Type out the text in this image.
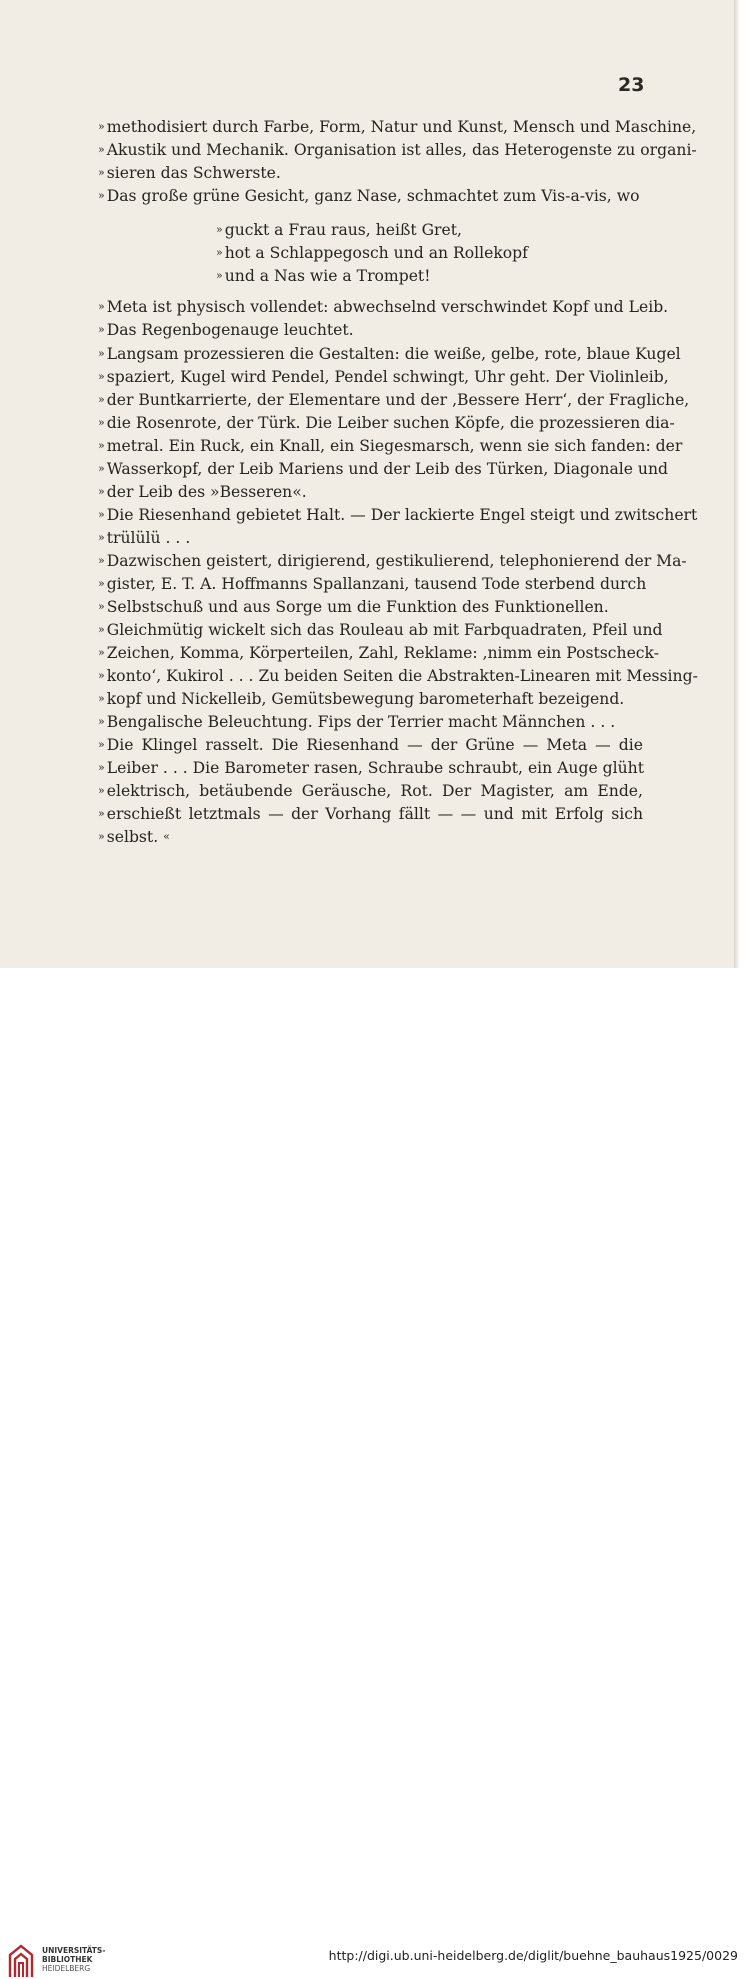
23
» methodisiert durch Farbe, Form, Natur und Kunst, Mensch und Maschine,
» Akustik und Mechanik. Organisation ist alles, das Heterogenste zu organi-
» sieren das Schwerste.
» Das große grüne Gesicht, ganz Nase, schmachtet zum Vis-a-vis, wo
» guckt a Frau raus, heißt Gret,
» hot a Schlappegosch und an Rollekopf
» und a Nas wie a Trompet!
» Meta ist physisch vollendet: abwechselnd verschwindet Kopf und Leib.
» Das Regenbogenauge leuchtet.
» Langsam prozessieren die Gestalten: die weiße, gelbe, rote, blaue Kugel
» spaziert, Kugel wird Pendel, Pendel schwingt, Uhr geht. Der Violinleib,
» der Buntkarrierte, der Elementare und der ‚Bessere Herr‘, der Fragliche,
» die Rosenrote, der Türk. Die Leiber suchen Köpfe, die prozessieren dia-
» metral. Ein Ruck, ein Knall, ein Siegesmarsch, wenn sie sich fanden: der
» Wasserkopf, der Leib Mariens und der Leib des Türken, Diagonale und
» der Leib des »Besseren«.
» Die Riesenhand gebietet Halt. — Der lackierte Engel steigt und zwitschert
» trülülü . . .
» Dazwischen geistert, dirigierend, gestikulierend, telephonierend der Ma-
» gister, E. T. A. Hoffmanns Spallanzani, tausend Tode sterbend durch
» Selbstschuß und aus Sorge um die Funktion des Funktionellen.
» Gleichmütig wickelt sich das Rouleau ab mit Farbquadraten, Pfeil und
» Zeichen, Komma, Körperteilen, Zahl, Reklame: ‚nimm ein Postscheck-
» konto‘, Kukirol . . . Zu beiden Seiten die Abstrakten-Linearen mit Messing-
» kopf und Nickelleib, Gemütsbewegung barometerhaft bezeigend.
» Bengalische Beleuchtung. Fips der Terrier macht Männchen . . .
» Die Klingel rasselt. Die Riesenhand — der Grüne — Meta — die
» Leiber . . . Die Barometer rasen, Schraube schraubt, ein Auge glüht
» elektrisch, betäubende Geräusche, Rot. Der Magister, am Ende,
» erschießt letztmals — der Vorhang fällt — — und mit Erfolg sich
» selbst. «
UNIVERSITÄTS-
BIBLIOTHEK
HEIDELBERG
http://digi.ub.uni-heidelberg.de/diglit/buehne_bauhaus1925/0029
